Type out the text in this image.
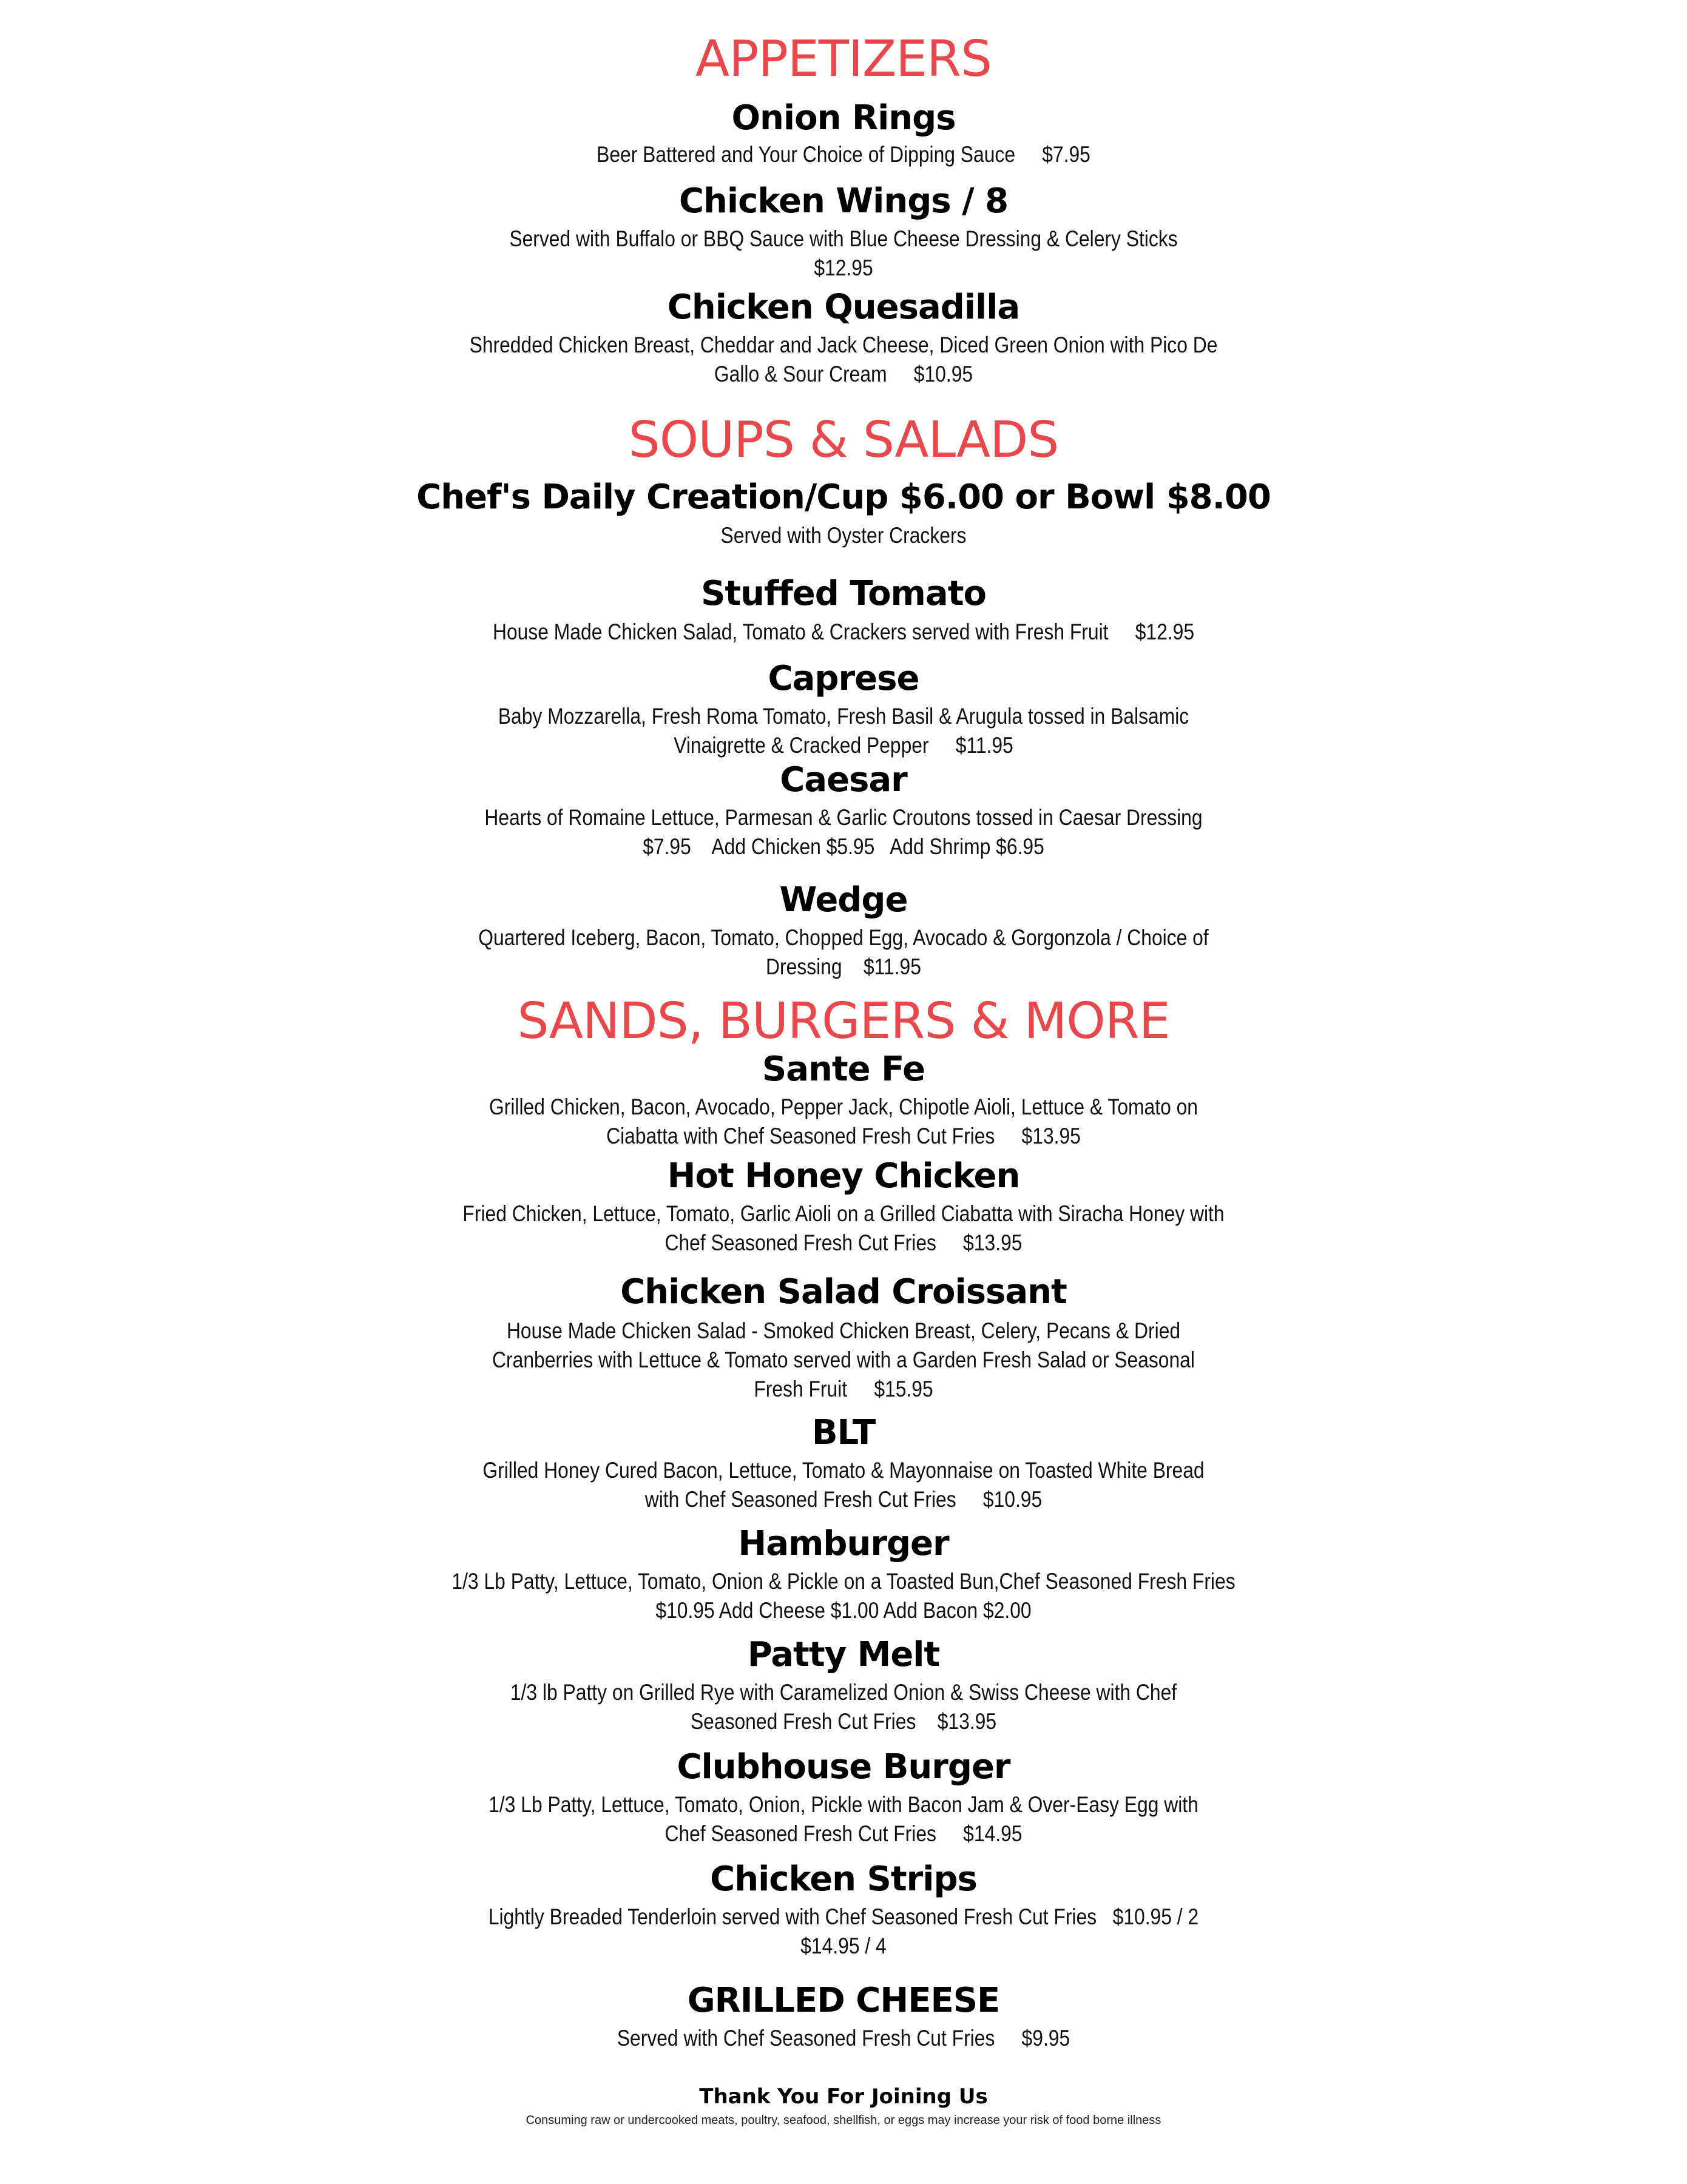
APPETIZERS
Onion Rings
Beer Battered and Your Choice of Dipping Sauce     $7.95
Chicken Wings / 8
Served with Buffalo or BBQ Sauce with Blue Cheese Dressing & Celery Sticks
$12.95
Chicken Quesadilla
Shredded Chicken Breast, Cheddar and Jack Cheese, Diced Green Onion with Pico De
Gallo & Sour Cream     $10.95
SOUPS & SALADS
Chef's Daily Creation/Cup $6.00 or Bowl $8.00
Served with Oyster Crackers
Stuffed Tomato
House Made Chicken Salad, Tomato & Crackers served with Fresh Fruit     $12.95
Caprese
Baby Mozzarella, Fresh Roma Tomato, Fresh Basil & Arugula tossed in Balsamic
Vinaigrette & Cracked Pepper     $11.95
Caesar
Hearts of Romaine Lettuce, Parmesan & Garlic Croutons tossed in Caesar Dressing
$7.95    Add Chicken $5.95   Add Shrimp $6.95
Wedge
Quartered Iceberg, Bacon, Tomato, Chopped Egg, Avocado & Gorgonzola / Choice of
Dressing    $11.95
SANDS, BURGERS & MORE
Sante Fe
Grilled Chicken, Bacon, Avocado, Pepper Jack, Chipotle Aioli, Lettuce & Tomato on
Ciabatta with Chef Seasoned Fresh Cut Fries     $13.95
Hot Honey Chicken
Fried Chicken, Lettuce, Tomato, Garlic Aioli on a Grilled Ciabatta with Siracha Honey with
Chef Seasoned Fresh Cut Fries     $13.95
Chicken Salad Croissant
House Made Chicken Salad - Smoked Chicken Breast, Celery, Pecans & Dried
Cranberries with Lettuce & Tomato served with a Garden Fresh Salad or Seasonal
Fresh Fruit     $15.95
BLT
Grilled Honey Cured Bacon, Lettuce, Tomato & Mayonnaise on Toasted White Bread
with Chef Seasoned Fresh Cut Fries     $10.95
Hamburger
1/3 Lb Patty, Lettuce, Tomato, Onion & Pickle on a Toasted Bun,Chef Seasoned Fresh Fries
$10.95 Add Cheese $1.00 Add Bacon $2.00
Patty Melt
1/3 lb Patty on Grilled Rye with Caramelized Onion & Swiss Cheese with Chef
Seasoned Fresh Cut Fries    $13.95
Clubhouse Burger
1/3 Lb Patty, Lettuce, Tomato, Onion, Pickle with Bacon Jam & Over-Easy Egg with
Chef Seasoned Fresh Cut Fries     $14.95
Chicken Strips
Lightly Breaded Tenderloin served with Chef Seasoned Fresh Cut Fries   $10.95 / 2
$14.95 / 4
GRILLED CHEESE
Served with Chef Seasoned Fresh Cut Fries     $9.95
Thank You For Joining Us
Consuming raw or undercooked meats, poultry, seafood, shellfish, or eggs may increase your risk of food borne illness
